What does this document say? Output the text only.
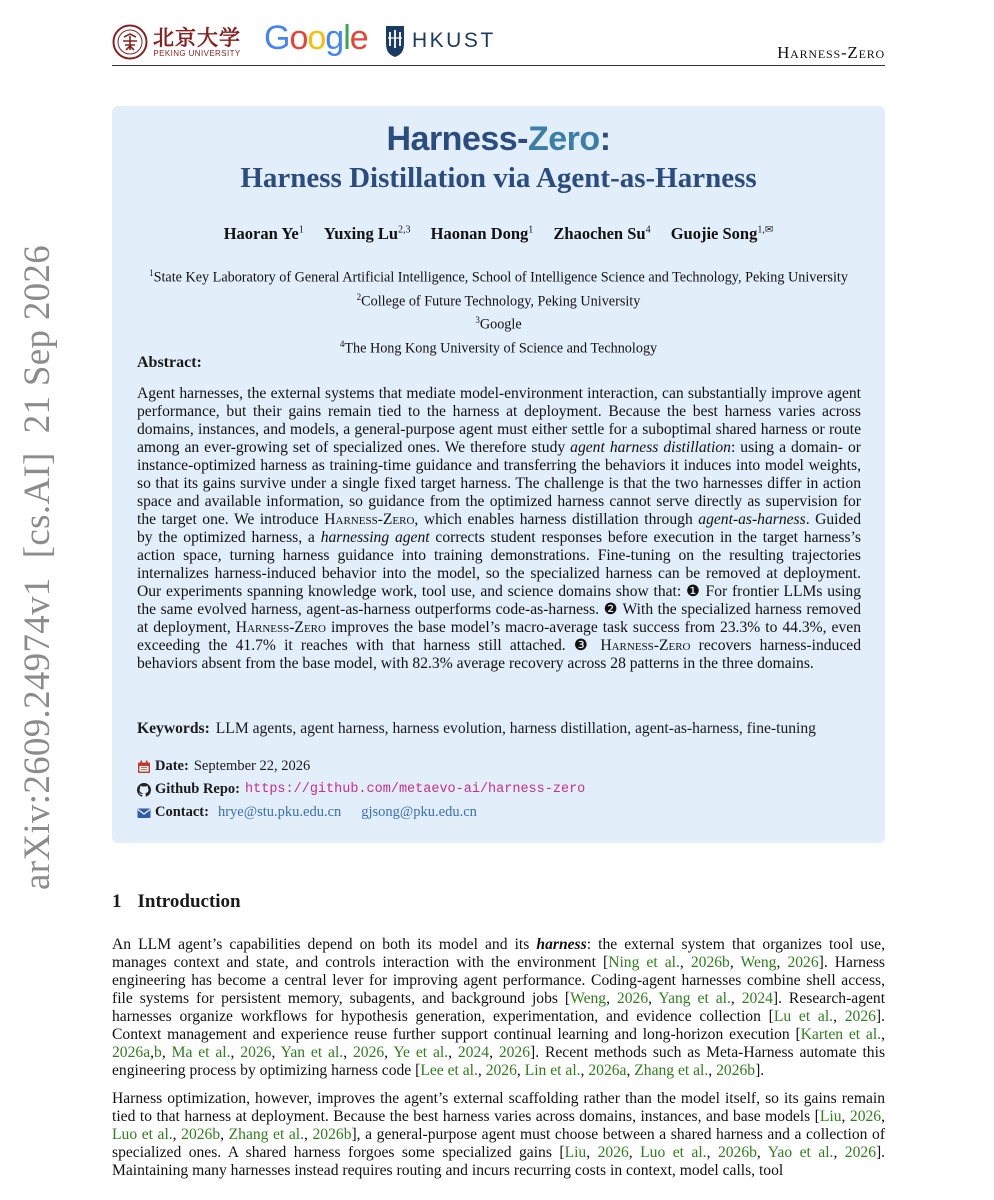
北京大学
PEKING UNIVERSITY Google HKUST
Harness-Zero
arXiv:2609.24974v1  [cs.AI]  21 Sep 2026
Harness-Zero:
Harness Distillation via Agent-as-Harness
Haoran Ye$^1$ Yuxing Lu$^{2,3}$ Haonan Dong$^1$ Zhaochen Su$^4$ Guojie Song$^{1,✉}$
$^1$State Key Laboratory of General Artificial Intelligence, School of Intelligence Science and Technology, Peking University
$^2$College of Future Technology, Peking University
$^3$Google
$^4$The Hong Kong University of Science and Technology
Abstract:
Agent harnesses, the external systems that mediate model-environment interaction, can substantially improve agent performance, but their gains remain tied to the harness at deployment. Because the best harness varies across domains, instances, and models, a general-purpose agent must either settle for a suboptimal shared harness or route among an ever-growing set of specialized ones. We therefore study agent harness distillation: using a domain- or instance-optimized harness as training-time guidance and transferring the behaviors it induces into model weights, so that its gains survive under a single fixed target harness. The challenge is that the two harnesses differ in action space and available information, so guidance from the optimized harness cannot serve directly as supervision for the target one. We introduce Harness-Zero, which enables harness distillation through agent-as-harness. Guided by the optimized harness, a harnessing agent corrects student responses before execution in the target harness’s action space, turning harness guidance into training demonstrations. Fine-tuning on the resulting trajectories internalizes harness-induced behavior into the model, so the specialized harness can be removed at deployment. Our experiments spanning knowledge work, tool use, and science domains show that: ❶ For frontier LLMs using the same evolved harness, agent-as-harness outperforms code-as-harness. ❷ With the specialized harness removed at deployment, Harness-Zero improves the base model’s macro-average task success from 23.3% to 44.3%, even exceeding the 41.7% it reaches with that harness still attached. ❸ Harness-Zero recovers harness-induced behaviors absent from the base model, with 82.3% average recovery across 28 patterns in the three domains.
Keywords: LLM agents, agent harness, harness evolution, harness distillation, agent-as-harness, fine-tuning
Date: September 22, 2026
Github Repo: https://github.com/metaevo-ai/harness-zero
Contact: hrye@stu.pku.edu.cn gjsong@pku.edu.cn
1 Introduction
An LLM agent’s capabilities depend on both its model and its harness: the external system that organizes tool use, manages context and state, and controls interaction with the environment [Ning et al., 2026b, Weng, 2026]. Harness engineering has become a central lever for improving agent performance. Coding-agent harnesses combine shell access, file systems for persistent memory, subagents, and background jobs [Weng, 2026, Yang et al., 2024]. Research-agent harnesses organize workflows for hypothesis generation, experimentation, and evidence collection [Lu et al., 2026]. Context management and experience reuse further support continual learning and long-horizon execution [Karten et al., 2026a,b, Ma et al., 2026, Yan et al., 2026, Ye et al., 2024, 2026]. Recent methods such as Meta-Harness automate this engineering process by optimizing harness code [Lee et al., 2026, Lin et al., 2026a, Zhang et al., 2026b].
Harness optimization, however, improves the agent’s external scaffolding rather than the model itself, so its gains remain tied to that harness at deployment. Because the best harness varies across domains, instances, and base models [Liu, 2026, Luo et al., 2026b, Zhang et al., 2026b], a general-purpose agent must choose between a shared harness and a collection of specialized ones. A shared harness forgoes some specialized gains [Liu, 2026, Luo et al., 2026b, Yao et al., 2026]. Maintaining many harnesses instead requires routing and incurs recurring costs in context, model calls, tool
